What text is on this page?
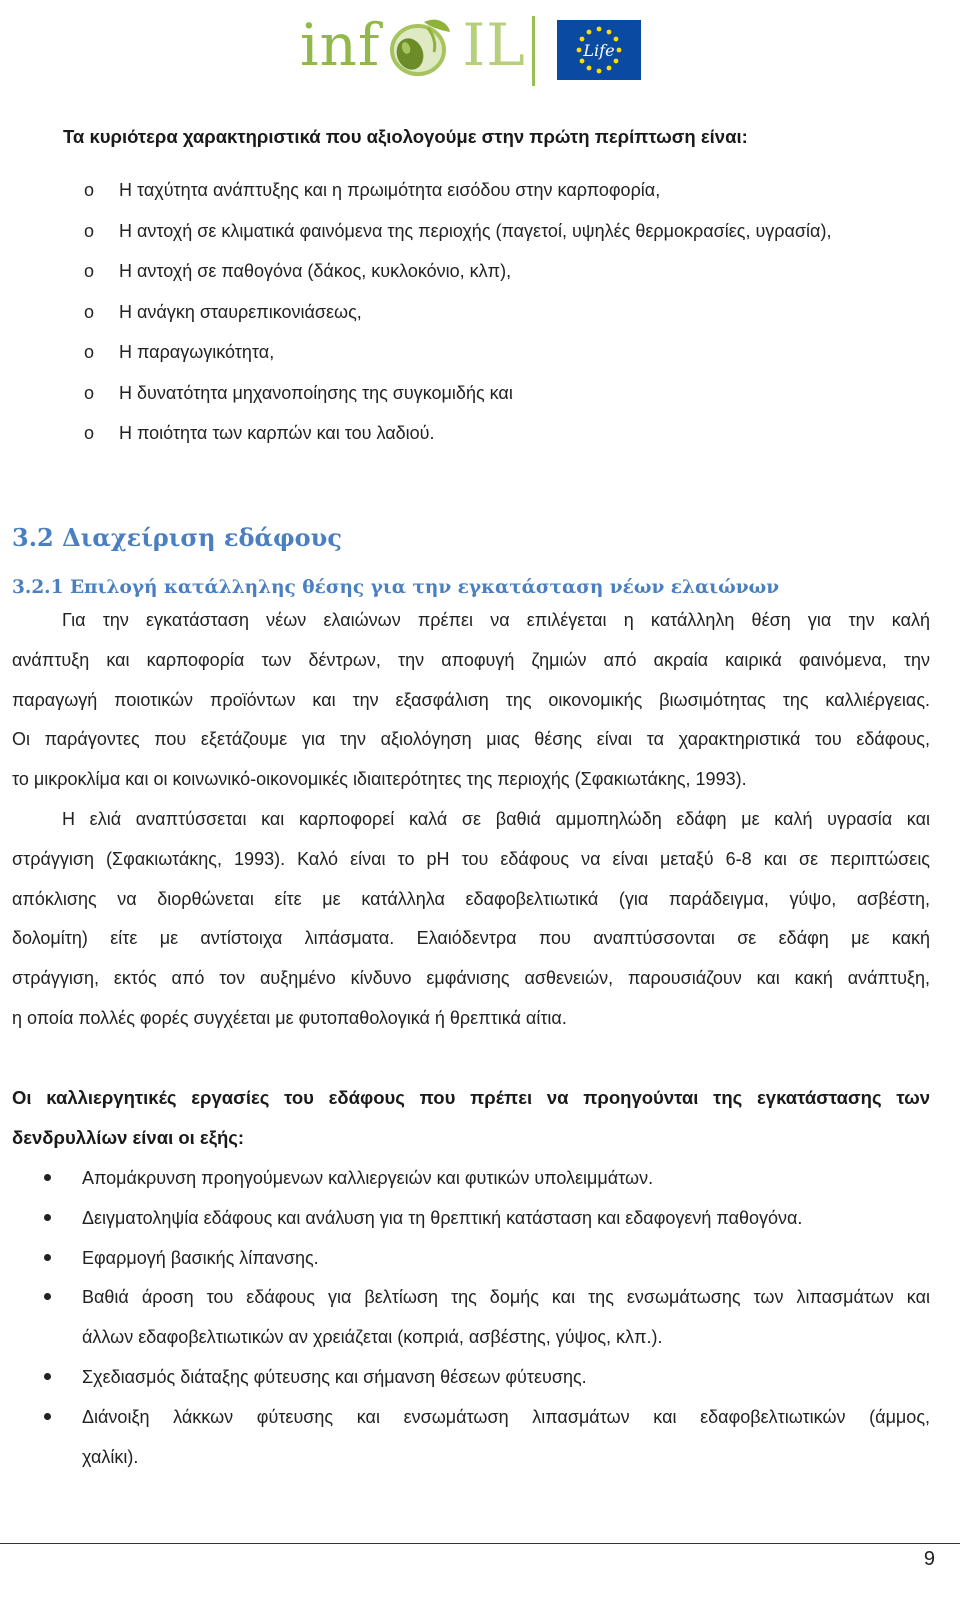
inf IL	Life
Τα κυριότερα χαρακτηριστικά που αξιολογούμε στην πρώτη περίπτωση είναι:
o Η ταχύτητα ανάπτυξης και η πρωιμότητα εισόδου στην καρποφορία,
o Η αντοχή σε κλιματικά φαινόμενα της περιοχής (παγετοί, υψηλές θερμοκρασίες, υγρασία),
o Η αντοχή σε παθογόνα (δάκος, κυκλοκόνιο, κλπ),
o Η ανάγκη σταυρεπικονιάσεως,
o Η παραγωγικότητα,
o Η δυνατότητα μηχανοποίησης της συγκομιδής και
o Η ποιότητα των καρπών και του λαδιού.
3.2 Διαχείριση εδάφους
3.2.1 Επιλογή κατάλληλης θέσης για την εγκατάσταση νέων ελαιώνων
Για την εγκατάσταση νέων ελαιώνων πρέπει να επιλέγεται η κατάλληλη θέση για την καλή
ανάπτυξη και καρποφορία των δέντρων, την αποφυγή ζημιών από ακραία καιρικά φαινόμενα, την
παραγωγή ποιοτικών προϊόντων και την εξασφάλιση της οικονομικής βιωσιμότητας της καλλιέργειας.
Οι παράγοντες που εξετάζουμε για την αξιολόγηση μιας θέσης είναι τα χαρακτηριστικά του εδάφους,
το μικροκλίμα και οι κοινωνικό-οικονομικές ιδιαιτερότητες της περιοχής (Σφακιωτάκης, 1993).
Η ελιά αναπτύσσεται και καρποφορεί καλά σε βαθιά αμμοπηλώδη εδάφη με καλή υγρασία και
στράγγιση (Σφακιωτάκης, 1993). Καλό είναι το pH του εδάφους να είναι μεταξύ 6-8 και σε περιπτώσεις
απόκλισης να διορθώνεται είτε με κατάλληλα εδαφοβελτιωτικά (για παράδειγμα, γύψο, ασβέστη,
δολομίτη) είτε με αντίστοιχα λιπάσματα. Ελαιόδεντρα που αναπτύσσονται σε εδάφη με κακή
στράγγιση, εκτός από τον αυξημένο κίνδυνο εμφάνισης ασθενειών, παρουσιάζουν και κακή ανάπτυξη,
η οποία πολλές φορές συγχέεται με φυτοπαθολογικά ή θρεπτικά αίτια.
Οι καλλιεργητικές εργασίες του εδάφους που πρέπει να προηγούνται της εγκατάστασης των
δενδρυλλίων είναι οι εξής:
Απομάκρυνση προηγούμενων καλλιεργειών και φυτικών υπολειμμάτων.
Δειγματοληψία εδάφους και ανάλυση για τη θρεπτική κατάσταση και εδαφογενή παθογόνα.
Εφαρμογή βασικής λίπανσης.
Βαθιά άροση του εδάφους για βελτίωση της δομής και της ενσωμάτωσης των λιπασμάτων και
άλλων εδαφοβελτιωτικών αν χρειάζεται (κοπριά, ασβέστης, γύψος, κλπ.).
Σχεδιασμός διάταξης φύτευσης και σήμανση θέσεων φύτευσης.
Διάνοιξη λάκκων φύτευσης και ενσωμάτωση λιπασμάτων και εδαφοβελτιωτικών (άμμος,
χαλίκι).
9
